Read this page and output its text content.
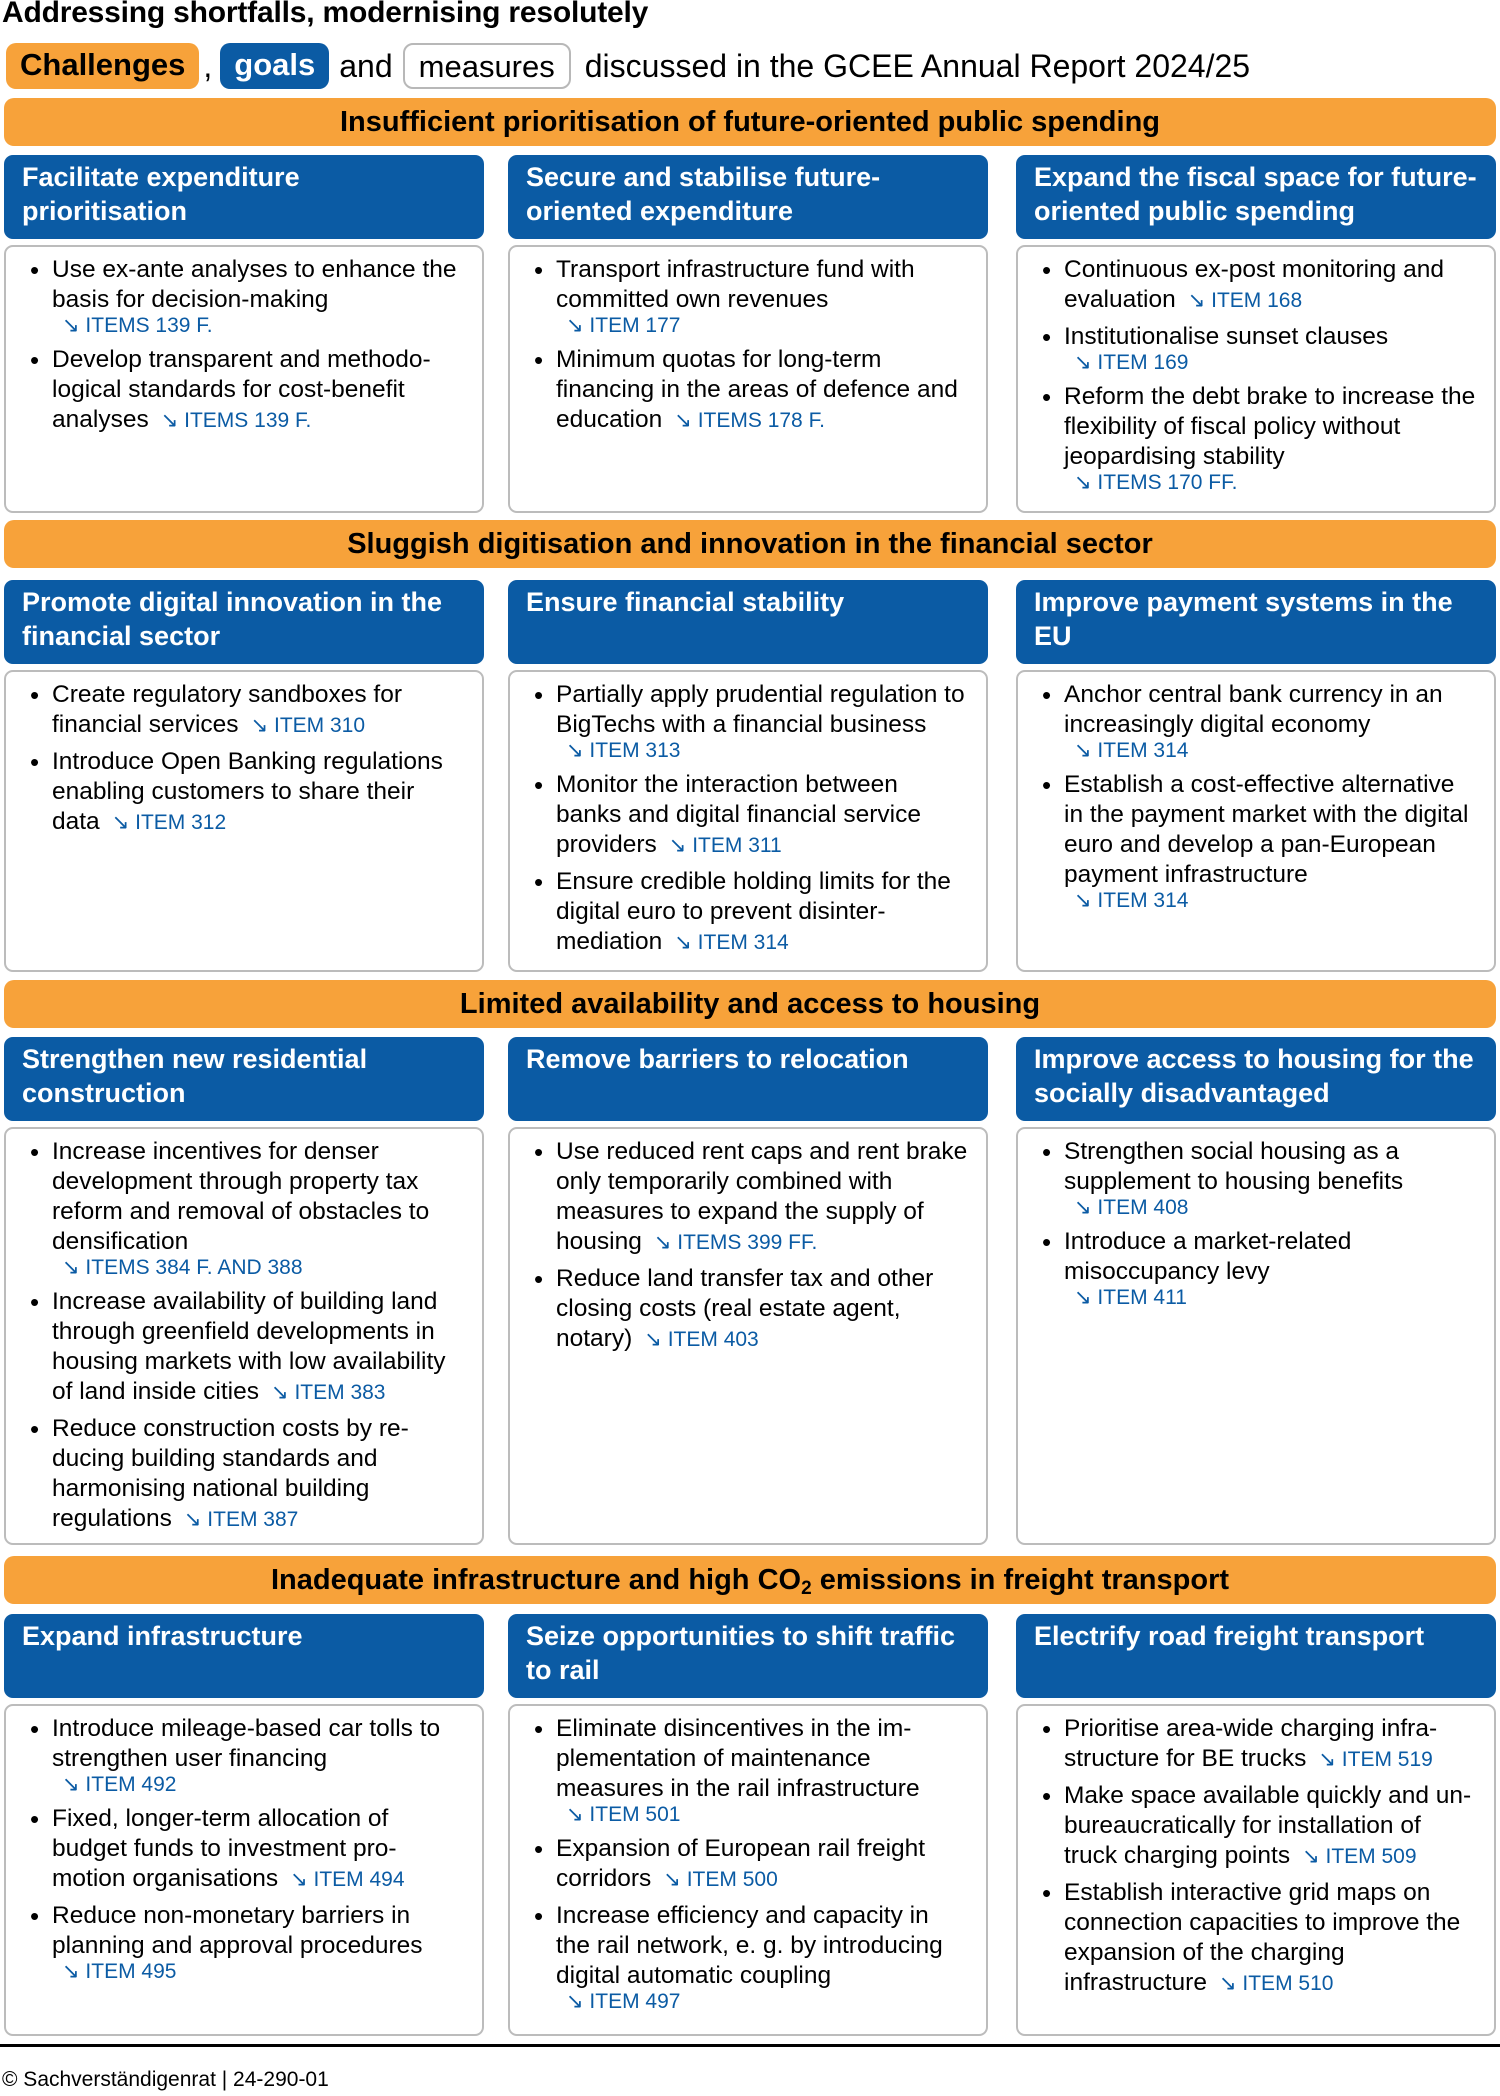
Addressing shortfalls, modernising resolutely
Challenges , goals and measures discussed in the GCEE Annual Report 2024/25
Insufficient prioritisation of future-oriented public spending
Facilitate expenditure prioritisation
• Use ex-ante analyses to enhance the basis for decision-making
↘ ITEMS 139 F.
• Develop transparent and methodo-logical standards for cost-benefit analyses ↘ ITEMS 139 F.
Secure and stabilise future-oriented expenditure
• Transport infrastructure fund with committed own revenues
↘ ITEM 177
• Minimum quotas for long-term financing in the areas of defence and education ↘ ITEMS 178 F.
Expand the fiscal space for future-oriented public spending
• Continuous ex-post monitoring and evaluation ↘ ITEM 168
• Institutionalise sunset clauses
↘ ITEM 169
• Reform the debt brake to increase the flexibility of fiscal policy without jeopardising stability
↘ ITEMS 170 FF.
Sluggish digitisation and innovation in the financial sector
Promote digital innovation in the financial sector
• Create regulatory sandboxes for financial services ↘ ITEM 310
• Introduce Open Banking regulations enabling customers to share their data ↘ ITEM 312
Ensure financial stability
• Partially apply prudential regulation to BigTechs with a financial business
↘ ITEM 313
• Monitor the interaction between banks and digital financial service providers ↘ ITEM 311
• Ensure credible holding limits for the digital euro to prevent disinter-mediation ↘ ITEM 314
Improve payment systems in the EU
• Anchor central bank currency in an increasingly digital economy
↘ ITEM 314
• Establish a cost-effective alternative in the payment market with the digital euro and develop a pan-European payment infrastructure
↘ ITEM 314
Limited availability and access to housing
Strengthen new residential construction
• Increase incentives for denser development through property tax reform and removal of obstacles to densification
↘ ITEMS 384 F. AND 388
• Increase availability of building land through greenfield developments in housing markets with low availability of land inside cities ↘ ITEM 383
• Reduce construction costs by re-ducing building standards and harmonising national building regulations ↘ ITEM 387
Remove barriers to relocation
• Use reduced rent caps and rent brake only temporarily combined with measures to expand the supply of housing ↘ ITEMS 399 FF.
• Reduce land transfer tax and other closing costs (real estate agent, notary) ↘ ITEM 403
Improve access to housing for the socially disadvantaged
• Strengthen social housing as a supplement to housing benefits
↘ ITEM 408
• Introduce a market-related misoccupancy levy
↘ ITEM 411
Inadequate infrastructure and high $CO_2$ emissions in freight transport
Expand infrastructure
• Introduce mileage-based car tolls to strengthen user financing
↘ ITEM 492
• Fixed, longer-term allocation of budget funds to investment pro-motion organisations ↘ ITEM 494
• Reduce non-monetary barriers in planning and approval procedures
↘ ITEM 495
Seize opportunities to shift traffic to rail
• Eliminate disincentives in the im-plementation of maintenance measures in the rail infrastructure
↘ ITEM 501
• Expansion of European rail freight corridors ↘ ITEM 500
• Increase efficiency and capacity in the rail network, e. g. by introducing digital automatic coupling
↘ ITEM 497
Electrify road freight transport
• Prioritise area-wide charging infra-structure for BE trucks ↘ ITEM 519
• Make space available quickly and un-bureaucratically for installation of truck charging points ↘ ITEM 509
• Establish interactive grid maps on connection capacities to improve the expansion of the charging infrastructure ↘ ITEM 510
© Sachverständigenrat | 24-290-01
